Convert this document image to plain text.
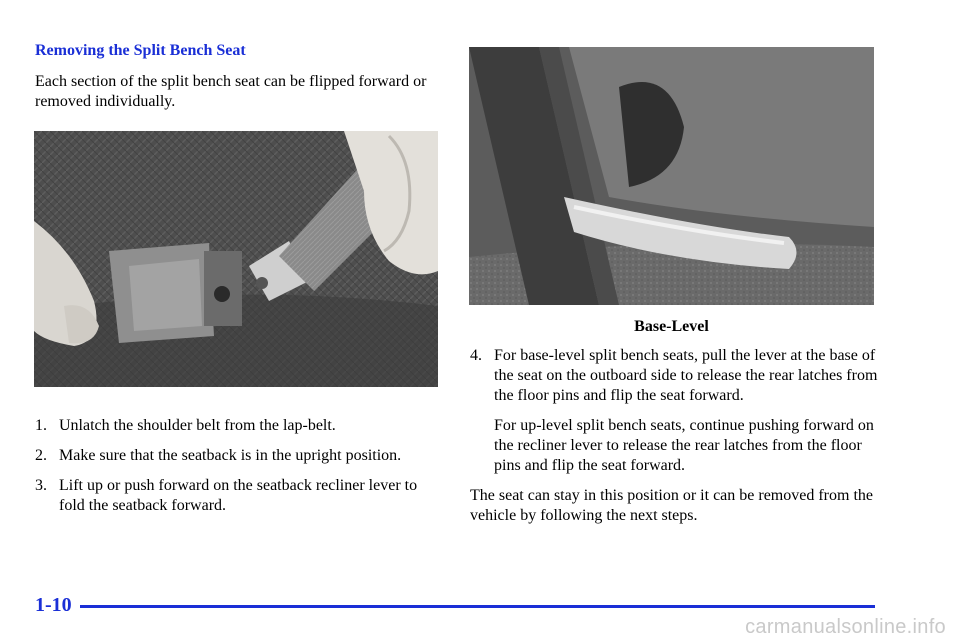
Removing the Split Bench Seat

Each section of the split bench seat can be flipped forward or removed individually.

1. Unlatch the shoulder belt from the lap-belt.
2. Make sure that the seatback is in the upright position.
3. Lift up or push forward on the seatback recliner lever to fold the seatback forward.
Base-Level
4. For base-level split bench seats, pull the lever at the base of the seat on the outboard side to release the rear latches from the floor pins and flip the seat forward.

For up-level split bench seats, continue pushing forward on the recliner lever to release the rear latches from the floor pins and flip the seat forward.

The seat can stay in this position or it can be removed from the vehicle by following the next steps.

1-10
carmanualsonline.info
